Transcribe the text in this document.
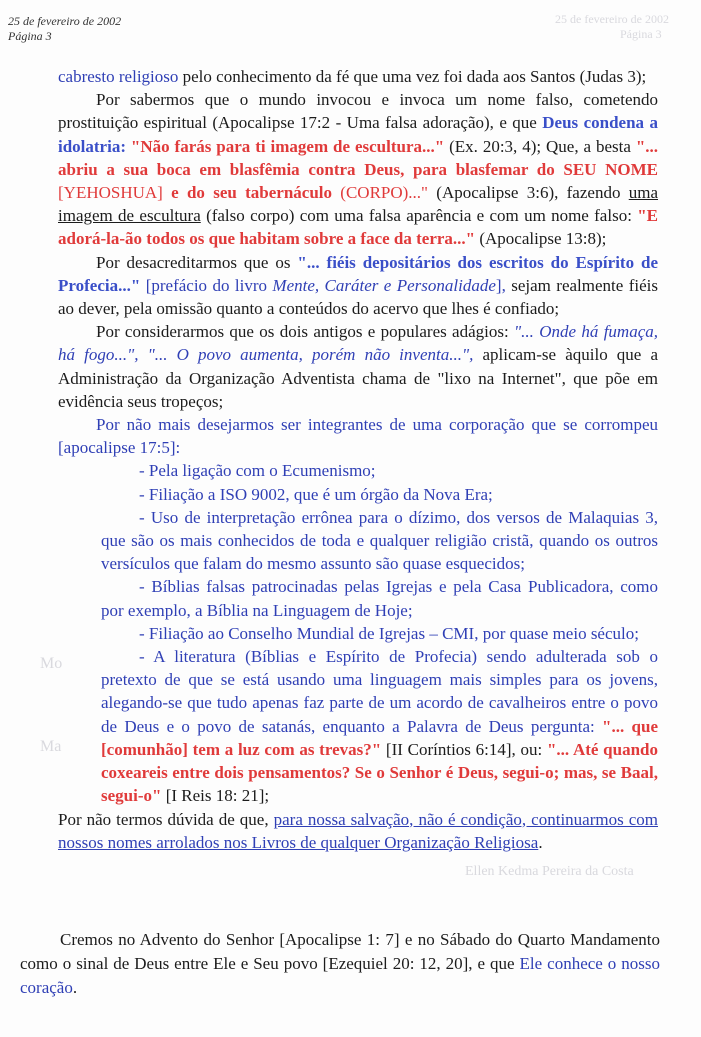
25 de fevereiro de 2002
Página 3
Mo
Ma
Ellen Kedma Pereira da Costa
25 de fevereiro de 2002
Página 3

cabresto religioso pelo conhecimento da fé que uma vez foi dada aos Santos (Judas 3);

Por sabermos que o mundo invocou e invoca um nome falso, cometendo prostituição espiritual (Apocalipse 17:2 - Uma falsa adoração), e que Deus condena a idolatria: "Não farás para ti imagem de escultura..." (Ex. 20:3, 4); Que, a besta "... abriu a sua boca em blasfêmia contra Deus, para blasfemar do SEU NOME [YEHOSHUA] e do seu tabernáculo (CORPO)..." (Apocalipse 3:6), fazendo uma imagem de escultura (falso corpo) com uma falsa aparência e com um nome falso: "E adorá-la-ão todos os que habitam sobre a face da terra..." (Apocalipse 13:8);

Por desacreditarmos que os "... fiéis depositários dos escritos do Espírito de Profecia..." [prefácio do livro Mente, Caráter e Personalidade], sejam realmente fiéis ao dever, pela omissão quanto a conteúdos do acervo que lhes é confiado;

Por considerarmos que os dois antigos e populares adágios: "... Onde há fumaça, há fogo...", "... O povo aumenta, porém não inventa...", aplicam-se àquilo que a Administração da Organização Adventista chama de "lixo na Internet", que põe em evidência seus tropeços;

Por não mais desejarmos ser integrantes de uma corporação que se corrompeu [apocalipse 17:5]:

- Pela ligação com o Ecumenismo;

- Filiação a ISO 9002, que é um órgão da Nova Era;

- Uso de interpretação errônea para o dízimo, dos versos de Malaquias 3, que são os mais conhecidos de toda e qualquer religião cristã, quando os outros versículos que falam do mesmo assunto são quase esquecidos;

- Bíblias falsas patrocinadas pelas Igrejas e pela Casa Publicadora, como por exemplo, a Bíblia na Linguagem de Hoje;

- Filiação ao Conselho Mundial de Igrejas – CMI, por quase meio século;

- A literatura (Bíblias e Espírito de Profecia) sendo adulterada sob o pretexto de que se está usando uma linguagem mais simples para os jovens, alegando-se que tudo apenas faz parte de um acordo de cavalheiros entre o povo de Deus e o povo de satanás, enquanto a Palavra de Deus pergunta: "... que [comunhão] tem a luz com as trevas?" [II Coríntios 6:14], ou: "... Até quando coxeareis entre dois pensamentos? Se o Senhor é Deus, segui-o; mas, se Baal, segui-o" [I Reis 18: 21];

Por não termos dúvida de que, para nossa salvação, não é condição, continuarmos com nossos nomes arrolados nos Livros de qualquer Organização Religiosa.

Cremos no Advento do Senhor [Apocalipse 1: 7] e no Sábado do Quarto Mandamento como o sinal de Deus entre Ele e Seu povo [Ezequiel 20: 12, 20], e que Ele conhece o nosso coração.
